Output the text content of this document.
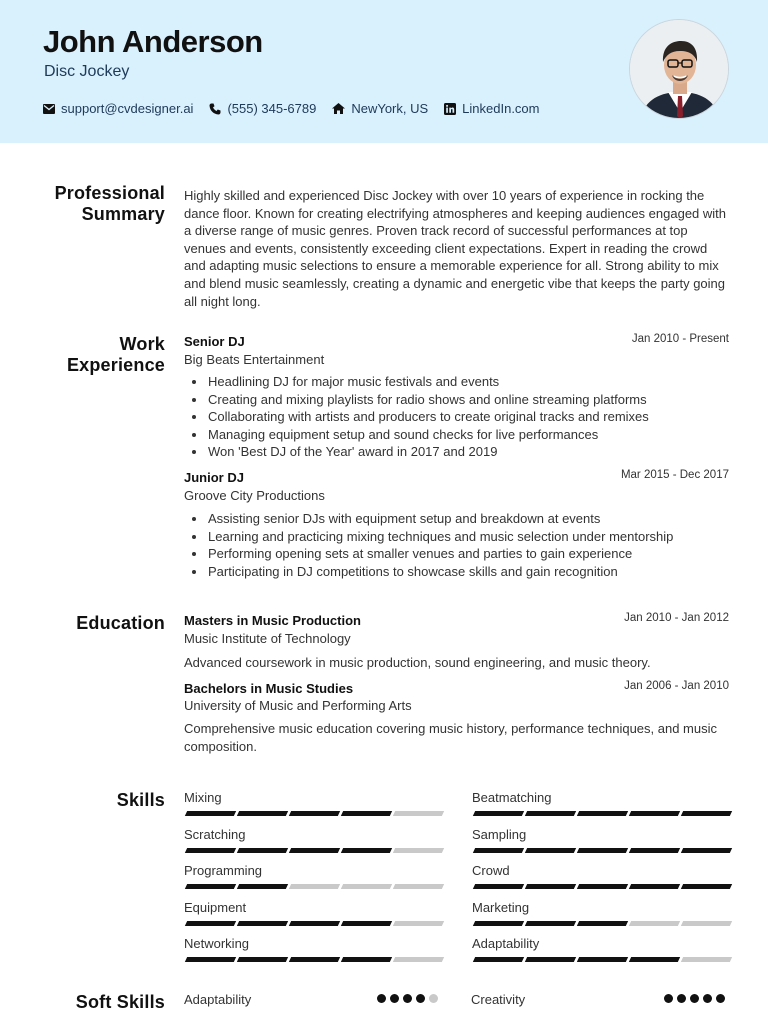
John Anderson
Disc Jockey
support@cvdesigner.ai	(555) 345-6789	NewYork, US	LinkedIn.com
Professional
Summary
Highly skilled and experienced Disc Jockey with over 10 years of experience in rocking the dance floor. Known for creating electrifying atmospheres and keeping audiences engaged with a diverse range of music genres. Proven track record of successful performances at top venues and events, consistently exceeding client expectations. Expert in reading the crowd and adapting music selections to ensure a memorable experience for all. Strong ability to mix and blend music seamlessly, creating a dynamic and energetic vibe that keeps the party going all night long.
Work
Experience
Senior DJ	Jan 2010 - Present
Big Beats Entertainment
Headlining DJ for major music festivals and events
Creating and mixing playlists for radio shows and online streaming platforms
Collaborating with artists and producers to create original tracks and remixes
Managing equipment setup and sound checks for live performances
Won 'Best DJ of the Year' award in 2017 and 2019
Junior DJ	Mar 2015 - Dec 2017
Groove City Productions
Assisting senior DJs with equipment setup and breakdown at events
Learning and practicing mixing techniques and music selection under mentorship
Performing opening sets at smaller venues and parties to gain experience
Participating in DJ competitions to showcase skills and gain recognition
Education Masters in Music Production	Jan 2010 - Jan 2012
Music Institute of Technology
Advanced coursework in music production, sound engineering, and music theory.
Bachelors in Music Studies	Jan 2006 - Jan 2010
University of Music and Performing Arts
Comprehensive music education covering music history, performance techniques, and music composition.
Skills Mixing	Beatmatching
Scratching	Sampling
Programming	Crowd
Equipment	Marketing
Networking	Adaptability
Soft Skills Adaptability	Creativity
